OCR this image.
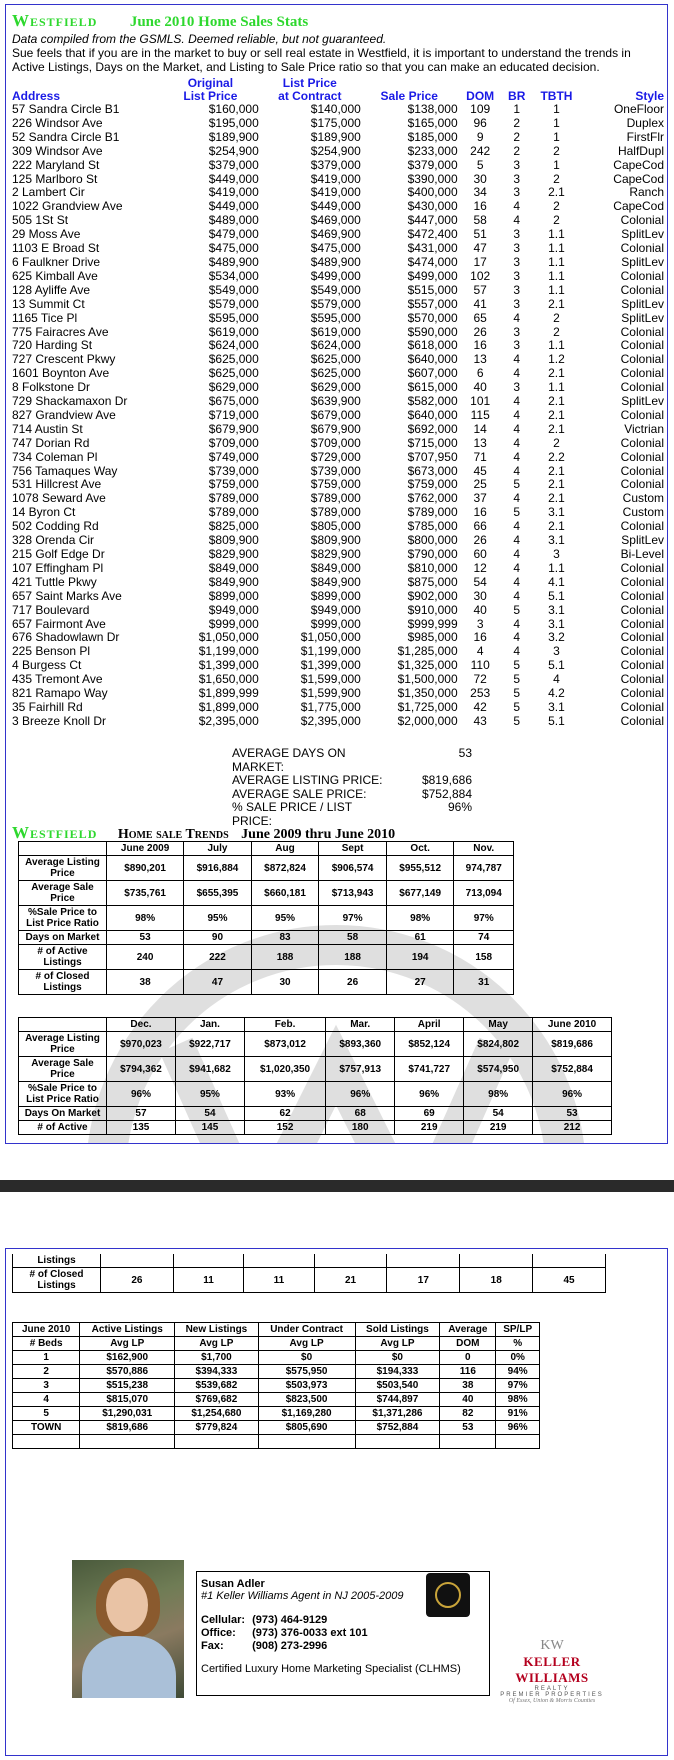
Westfield June 2010 Home Sales Stats
Data compiled from the GSMLS. Deemed reliable, but not guaranteed.
Sue feels that if you are in the market to buy or sell real estate in Westfield, it is important to understand the trends in Active Listings, Days on the Market, and Listing to Sale Price ratio so that you can make an educated decision.
	Original	List Price					
Address	List Price	at Contract	Sale Price	DOM	BR	TBTH	Style
57 Sandra Circle B1	$160,000	$140,000	$138,000	109	1	1	OneFloor
226 Windsor Ave	$195,000	$175,000	$165,000	96	2	1	Duplex
52 Sandra Circle B1	$189,900	$189,900	$185,000	9	2	1	FirstFlr
309 Windsor Ave	$254,900	$254,900	$233,000	242	2	2	HalfDupl
222 Maryland St	$379,000	$379,000	$379,000	5	3	1	CapeCod
125 Marlboro St	$449,000	$419,000	$390,000	30	3	2	CapeCod
2 Lambert Cir	$419,000	$419,000	$400,000	34	3	2.1	Ranch
1022 Grandview Ave	$449,000	$449,000	$430,000	16	4	2	CapeCod
505 1St St	$489,000	$469,000	$447,000	58	4	2	Colonial
29 Moss Ave	$479,000	$469,900	$472,400	51	3	1.1	SplitLev
1103 E Broad St	$475,000	$475,000	$431,000	47	3	1.1	Colonial
6 Faulkner Drive	$489,900	$489,900	$474,000	17	3	1.1	SplitLev
625 Kimball Ave	$534,000	$499,000	$499,000	102	3	1.1	Colonial
128 Ayliffe Ave	$549,000	$549,000	$515,000	57	3	1.1	Colonial
13 Summit Ct	$579,000	$579,000	$557,000	41	3	2.1	SplitLev
1165 Tice Pl	$595,000	$595,000	$570,000	65	4	2	SplitLev
775 Fairacres Ave	$619,000	$619,000	$590,000	26	3	2	Colonial
720 Harding St	$624,000	$624,000	$618,000	16	3	1.1	Colonial
727 Crescent Pkwy	$625,000	$625,000	$640,000	13	4	1.2	Colonial
1601 Boynton Ave	$625,000	$625,000	$607,000	6	4	2.1	Colonial
8 Folkstone Dr	$629,000	$629,000	$615,000	40	3	1.1	Colonial
729 Shackamaxon Dr	$675,000	$639,900	$582,000	101	4	2.1	SplitLev
827 Grandview Ave	$719,000	$679,000	$640,000	115	4	2.1	Colonial
714 Austin St	$679,900	$679,900	$692,000	14	4	2.1	Victrian
747 Dorian Rd	$709,000	$709,000	$715,000	13	4	2	Colonial
734 Coleman Pl	$749,000	$729,000	$707,950	71	4	2.2	Colonial
756 Tamaques Way	$739,000	$739,000	$673,000	45	4	2.1	Colonial
531 Hillcrest Ave	$759,000	$759,000	$759,000	25	5	2.1	Colonial
1078 Seward Ave	$789,000	$789,000	$762,000	37	4	2.1	Custom
14 Byron Ct	$789,000	$789,000	$789,000	16	5	3.1	Custom
502 Codding Rd	$825,000	$805,000	$785,000	66	4	2.1	Colonial
328 Orenda Cir	$809,900	$809,900	$800,000	26	4	3.1	SplitLev
215 Golf Edge Dr	$829,900	$829,900	$790,000	60	4	3	Bi-Level
107 Effingham Pl	$849,000	$849,000	$810,000	12	4	1.1	Colonial
421 Tuttle Pkwy	$849,900	$849,900	$875,000	54	4	4.1	Colonial
657 Saint Marks Ave	$899,000	$899,000	$902,000	30	4	5.1	Colonial
717 Boulevard	$949,000	$949,000	$910,000	40	5	3.1	Colonial
657 Fairmont Ave	$999,000	$999,000	$999,999	3	4	3.1	Colonial
676 Shadowlawn Dr	$1,050,000	$1,050,000	$985,000	16	4	3.2	Colonial
225 Benson Pl	$1,199,000	$1,199,000	$1,285,000	4	4	3	Colonial
4 Burgess Ct	$1,399,000	$1,399,000	$1,325,000	110	5	5.1	Colonial
435 Tremont Ave	$1,650,000	$1,599,000	$1,500,000	72	5	4	Colonial
821 Ramapo Way	$1,899,999	$1,599,900	$1,350,000	253	5	4.2	Colonial
35 Fairhill Rd	$1,899,000	$1,775,000	$1,725,000	42	5	3.1	Colonial
3 Breeze Knoll Dr	$2,395,000	$2,395,000	$2,000,000	43	5	5.1	Colonial
AVERAGE DAYS ON MARKET:
53
AVERAGE LISTING PRICE:	$819,686
AVERAGE SALE PRICE:	$752,884
% SALE PRICE / LIST PRICE:
96%
Westfield Home sale Trends June 2009 thru June 2010
	June 2009	July	Aug	Sept	Oct.	Nov.
Average Listing Price	$890,201	$916,884	$872,824	$906,574	$955,512	974,787
Average Sale Price	$735,761	$655,395	$660,181	$713,943	$677,149	713,094
%Sale Price to List Price Ratio	98%	95%	95%	97%	98%	97%
Days on Market	53	90	83	58	61	74
# of Active Listings	240	222	188	188	194	158
# of Closed Listings	38	47	30	26	27	31
	Dec.	Jan.	Feb.	Mar.	April	May	June 2010
Average Listing Price	$970,023	$922,717	$873,012	$893,360	$852,124	$824,802	$819,686
Average Sale Price	$794,362	$941,682	$1,020,350	$757,913	$741,727	$574,950	$752,884
%Sale Price to List Price Ratio	96%	95%	93%	96%	96%	98%	96%
Days On Market	57	54	62	68	69	54	53
# of Active	135	145	152	180	219	219	212
Listings							
# of Closed Listings	26	11	11	21	17	18	45
June 2010	Active Listings	New Listings	Under Contract	Sold Listings	Average	SP/LP
# Beds	Avg LP	Avg LP	Avg LP	Avg LP	DOM	%
1	$162,900	$1,700	$0	$0	0	0%
2	$570,886	$394,333	$575,950	$194,333	116	94%
3	$515,238	$539,682	$503,973	$503,540	38	97%
4	$815,070	$769,682	$823,500	$744,897	40	98%
5	$1,290,031	$1,254,680	$1,169,280	$1,371,286	82	91%
TOWN	$819,686	$779,824	$805,690	$752,884	53	96%

Susan Adler
#1 Keller Williams Agent in NJ 2005-2009
Cellular: (973) 464-9129
Office: (973) 376-0033 ext 101
Fax:	(908) 273-2996
Certified Luxury Home Marketing Specialist (CLHMS)
KW
KELLER WILLIAMS
REALTY
PREMIER PROPERTIES
Of Essex, Union & Morris Counties
